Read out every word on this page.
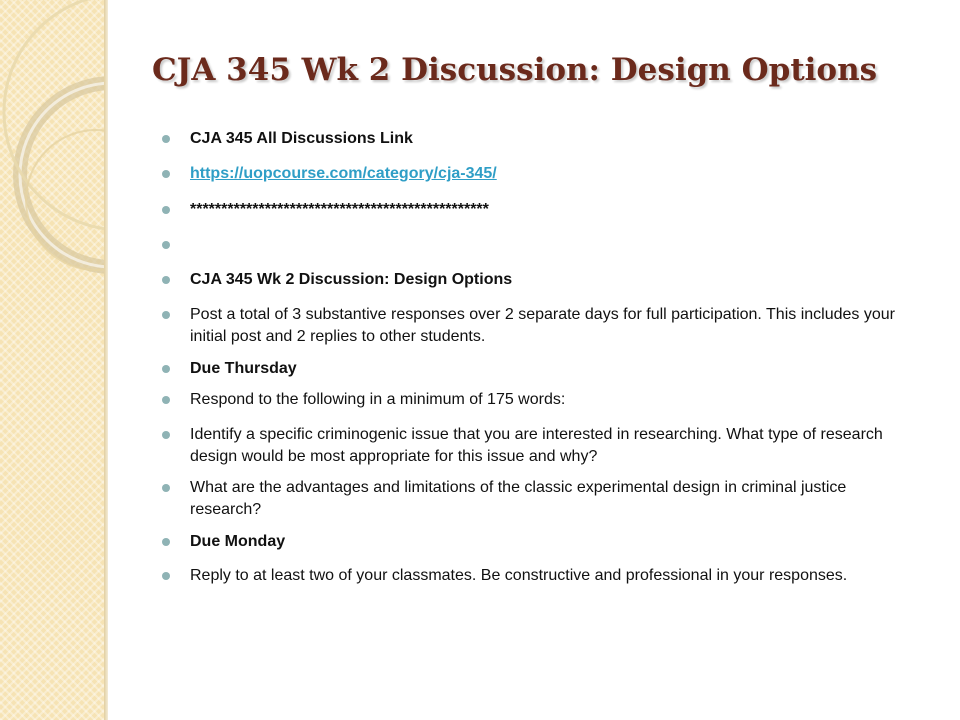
CJA 345 Wk 2 Discussion: Design Options
CJA 345 All Discussions Link
https://uopcourse.com/category/cja-345/
************************************************
CJA 345 Wk 2 Discussion: Design Options
Post a total of 3 substantive responses over 2 separate days for full participation. This includes your initial post and 2 replies to other students.
Due Thursday
Respond to the following in a minimum of 175 words:
Identify a specific criminogenic issue that you are interested in researching. What type of research design would be most appropriate for this issue and why?
What are the advantages and limitations of the classic experimental design in criminal justice research?
Due Monday
Reply to at least two of your classmates. Be constructive and professional in your responses.
